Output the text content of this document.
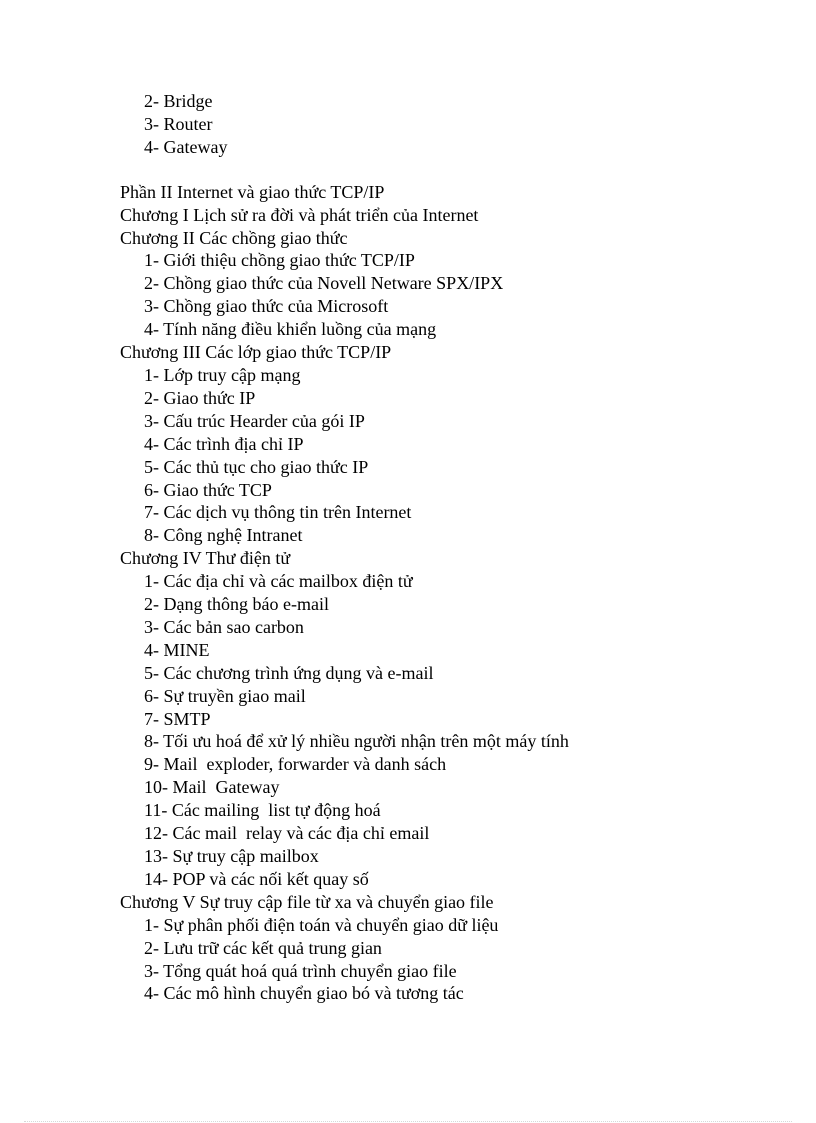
2- Bridge
3- Router
4- Gateway
Phần II Internet và giao thức TCP/IP
Chương I Lịch sử ra đời và phát triển của Internet
Chương II Các chồng giao thức
1- Giới thiệu chồng giao thức TCP/IP
2- Chồng giao thức của Novell Netware SPX/IPX
3- Chồng giao thức của Microsoft
4- Tính năng điều khiển luồng của mạng
Chương III Các lớp giao thức TCP/IP
1- Lớp truy cập mạng
2- Giao thức IP
3- Cấu trúc Hearder của gói IP
4- Các trình địa chỉ IP
5- Các thủ tục cho giao thức IP
6- Giao thức TCP
7- Các dịch vụ thông tin trên Internet
8- Công nghệ Intranet
Chương IV Thư điện tử
1- Các địa chỉ và các mailbox điện tử
2- Dạng thông báo e-mail
3- Các bản sao carbon
4- MINE
5- Các chương trình ứng dụng và e-mail
6- Sự truyền giao mail
7- SMTP
8- Tối ưu hoá để xử lý nhiều người nhận trên một máy tính
9- Mail  exploder, forwarder và danh sách
10- Mail  Gateway
11- Các mailing  list tự động hoá
12- Các mail  relay và các địa chỉ email
13- Sự truy cập mailbox
14- POP và các nối kết quay số
Chương V Sự truy cập file từ xa và chuyển giao file
1- Sự phân phối điện toán và chuyển giao dữ liệu
2- Lưu trữ các kết quả trung gian
3- Tổng quát hoá quá trình chuyển giao file
4- Các mô hình chuyển giao bó và tương tác
